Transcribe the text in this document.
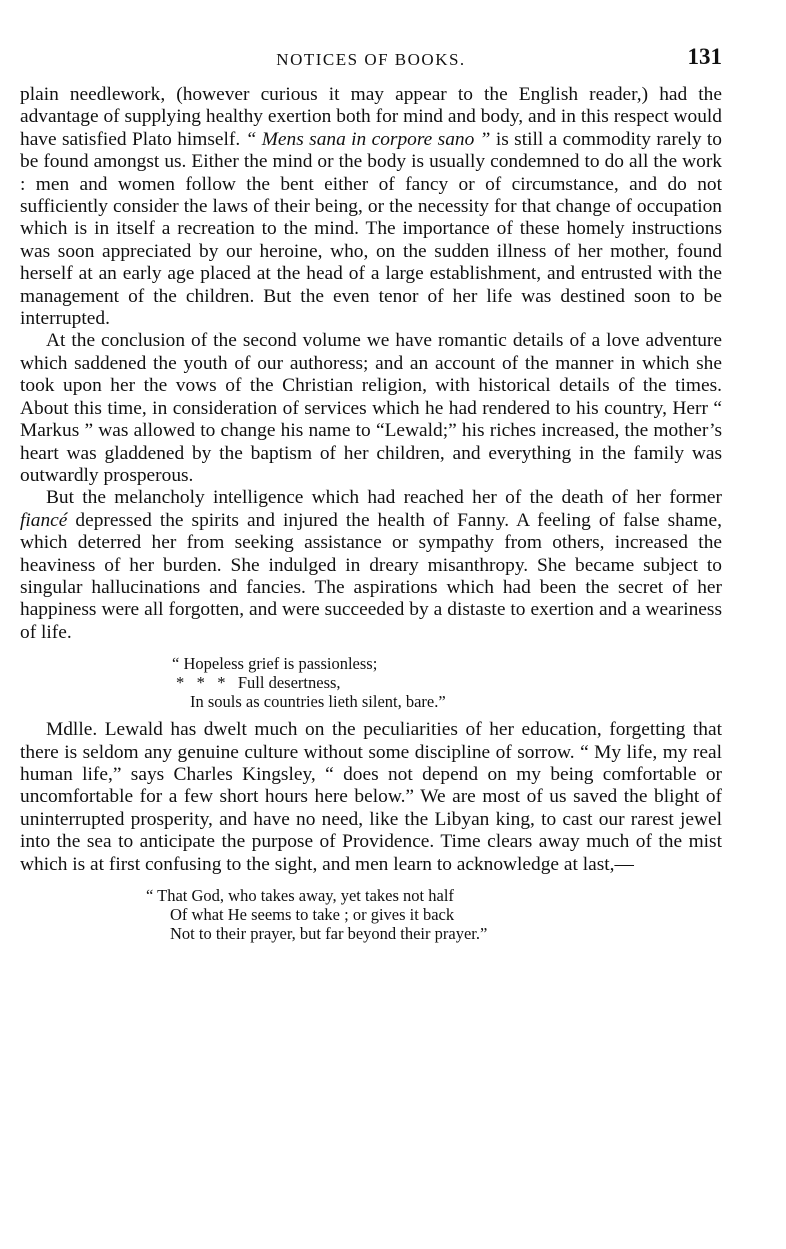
NOTICES OF BOOKS.	131

plain needlework, (however curious it may appear to the English reader,) had the advantage of supplying healthy exertion both for mind and body, and in this respect would have satisfied Plato himself. “ Mens sana in corpore sano ” is still a commodity rarely to be found amongst us. Either the mind or the body is usually condemned to do all the work : men and women follow the bent either of fancy or of circumstance, and do not sufficiently consider the laws of their being, or the necessity for that change of occupation which is in itself a recreation to the mind. The importance of these homely instructions was soon appreciated by our heroine, who, on the sudden illness of her mother, found herself at an early age placed at the head of a large establishment, and entrusted with the management of the children. But the even tenor of her life was destined soon to be interrupted.

At the conclusion of the second volume we have romantic details of a love adventure which saddened the youth of our authoress; and an account of the manner in which she took upon her the vows of the Christian religion, with historical details of the times. About this time, in consideration of services which he had rendered to his country, Herr “ Markus ” was allowed to change his name to “Lewald;” his riches increased, the mother’s heart was gladdened by the baptism of her children, and everything in the family was outwardly prosperous.

But the melancholy intelligence which had reached her of the death of her former fiancé depressed the spirits and injured the health of Fanny. A feeling of false shame, which deterred her from seeking assistance or sympathy from others, increased the heaviness of her burden. She indulged in dreary misanthropy. She became subject to singular hallucinations and fancies. The aspirations which had been the secret of her happiness were all forgotten, and were succeeded by a distaste to exertion and a weariness of life.

“ Hopeless grief is passionless;
*   *   *   Full desertness,
In souls as countries lieth silent, bare.”

Mdlle. Lewald has dwelt much on the peculiarities of her education, forgetting that there is seldom any genuine culture without some discipline of sorrow. “ My life, my real human life,” says Charles Kingsley, “ does not depend on my being comfortable or uncomfortable for a few short hours here below.” We are most of us saved the blight of uninterrupted prosperity, and have no need, like the Libyan king, to cast our rarest jewel into the sea to anticipate the purpose of Providence. Time clears away much of the mist which is at first confusing to the sight, and men learn to acknowledge at last,—

“ That God, who takes away, yet takes not half
Of what He seems to take ; or gives it back
Not to their prayer, but far beyond their prayer.”
